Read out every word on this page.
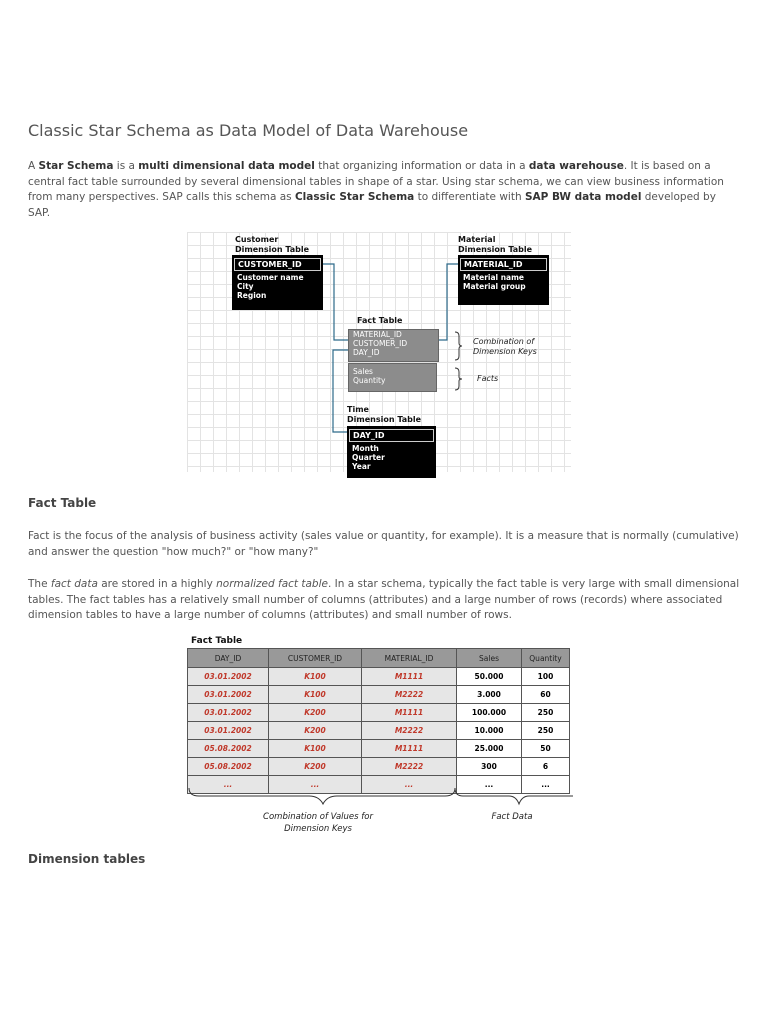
Classic Star Schema as Data Model of Data Warehouse

A Star Schema is a multi dimensional data model that organizing information or data in a data warehouse. It is based on a central fact table surrounded by several dimensional tables in shape of a star. Using star schema, we can view business information from many perspectives. SAP calls this schema as Classic Star Schema to differentiate with SAP BW data model developed by SAP.

Customer
Dimension Table
CUSTOMER_ID
Customer name
City
Region
Material
Dimension Table
MATERIAL_ID
Material name
Material group
Fact Table
MATERIAL_ID
CUSTOMER_ID
DAY_ID
Sales
Quantity
Combination of
Dimension Keys
Facts
Time
Dimension Table
DAY_ID
Month
Quarter
Year
Fact Table

Fact is the focus of the analysis of business activity (sales value or quantity, for example). It is a measure that is normally (cumulative) and answer the question "how much?" or "how many?"

The fact data are stored in a highly normalized fact table. In a star schema, typically the fact table is very large with small dimensional tables. The fact tables has a relatively small number of columns (attributes) and a large number of rows (records) where associated dimension tables to have a large number of columns (attributes) and small number of rows.

Fact Table
DAY_ID	CUSTOMER_ID	MATERIAL_ID	Sales	Quantity
03.01.2002	K100	M1111	50.000	100
03.01.2002	K100	M2222	3.000	60
03.01.2002	K200	M1111	100.000	250
03.01.2002	K200	M2222	10.000	250
05.08.2002	K100	M1111	25.000	50
05.08.2002	K200	M2222	300	6
...	...	...	...	...
Combination of Values for
Dimension Keys
Fact Data
Dimension tables
